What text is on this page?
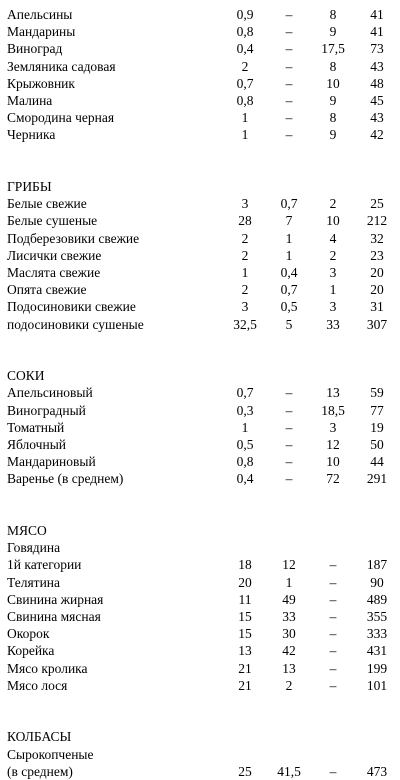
Апельсины	0,9	–	8	41
Мандарины	0,8	–	9	41
Виноград	0,4	–	17,5	73
Земляника садовая	2	–	8	43
Крыжовник	0,7	–	10	48
Малина	0,8	–	9	45
Смородина черная	1	–	8	43
Черника	1	–	9	42
ГРИБЫ
Белые свежие	3	0,7	2	25
Белые сушеные	28	7	10	212
Подберезовики свежие	2	1	4	32
Лисички свежие	2	1	2	23
Маслята свежие	1	0,4	3	20
Опята свежие	2	0,7	1	20
Подосиновики свежие	3	0,5	3	31
подосиновики сушеные	32,5	5	33	307
СОКИ
Апельсиновый	0,7	–	13	59
Виноградный	0,3	–	18,5	77
Томатный	1	–	3	19
Яблочный	0,5	–	12	50
Мандариновый	0,8	–	10	44
Варенье (в среднем)	0,4	–	72	291
МЯСО
Говядина
1й категории	18	12	–	187
Телятина	20	1	–	90
Свинина жирная	11	49	–	489
Свинина мясная	15	33	–	355
Окорок	15	30	–	333
Корейка	13	42	–	431
Мясо кролика	21	13	–	199
Мясо лося	21	2	–	101
КОЛБАСЫ
Сырокопченые
(в среднем)	25	41,5	–	473
